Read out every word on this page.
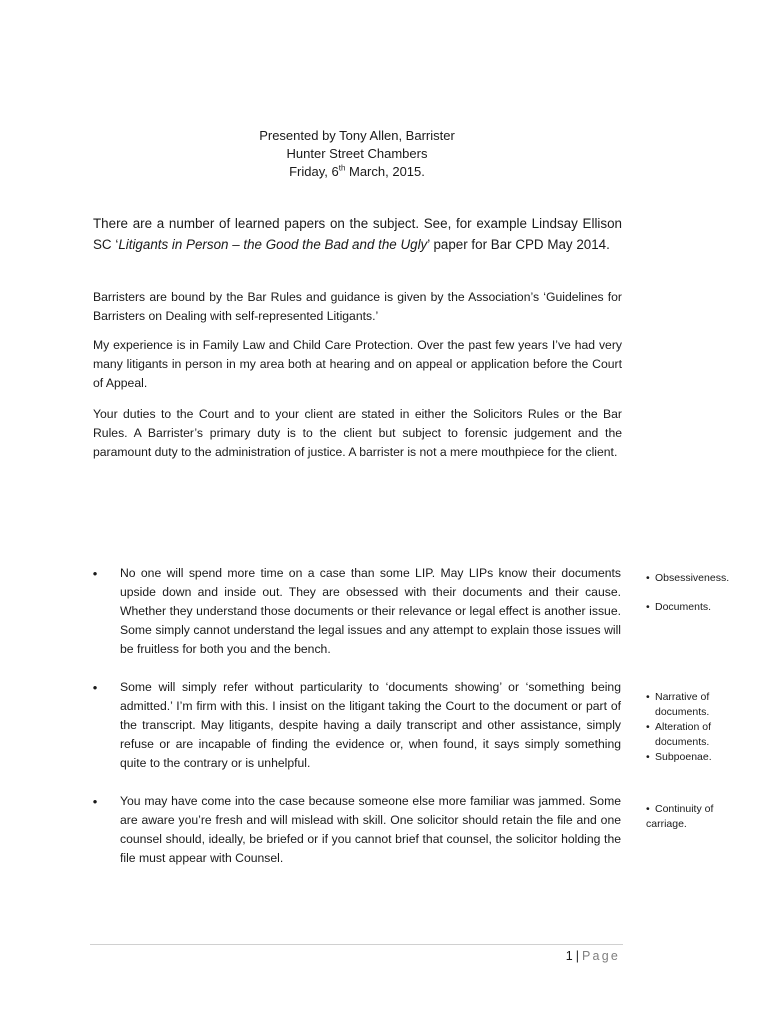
Presented by Tony Allen, Barrister
Hunter Street Chambers
Friday, 6th March, 2015.

There are a number of learned papers on the subject. See, for example Lindsay Ellison SC ‘Litigants in Person – the Good the Bad and the Ugly’ paper for Bar CPD May 2014.

Barristers are bound by the Bar Rules and guidance is given by the Association’s ‘Guidelines for Barristers on Dealing with self-represented Litigants.’

My experience is in Family Law and Child Care Protection. Over the past few years I’ve had very many litigants in person in my area both at hearing and on appeal or application before the Court of Appeal.

Your duties to the Court and to your client are stated in either the Solicitors Rules or the Bar Rules. A Barrister’s primary duty is to the client but subject to forensic judgement and the paramount duty to the administration of justice. A barrister is not a mere mouthpiece for the client.

•	No one will spend more time on a case than some LIP. May LIPs know their documents upside down and inside out. They are obsessed with their documents and their cause. Whether they understand those documents or their relevance or legal effect is another issue. Some simply cannot understand the legal issues and any attempt to explain those issues will be fruitless for both you and the bench.

•	Some will simply refer without particularity to ‘documents showing’ or ‘something being admitted.’ I’m firm with this. I insist on the litigant taking the Court to the document or part of the transcript. May litigants, despite having a daily transcript and other assistance, simply refuse or are incapable of finding the evidence or, when found, it says simply something quite to the contrary or is unhelpful.

•	You may have come into the case because someone else more familiar was jammed. Some are aware you’re fresh and will mislead with skill. One solicitor should retain the file and one counsel should, ideally, be briefed or if you cannot brief that counsel, the solicitor holding the file must appear with Counsel.

• Obsessiveness.

• Documents.

• Narrative of
documents.

• Alteration of
documents.

• Subpoenae.

• Continuity of
carriage.

1 | Page
